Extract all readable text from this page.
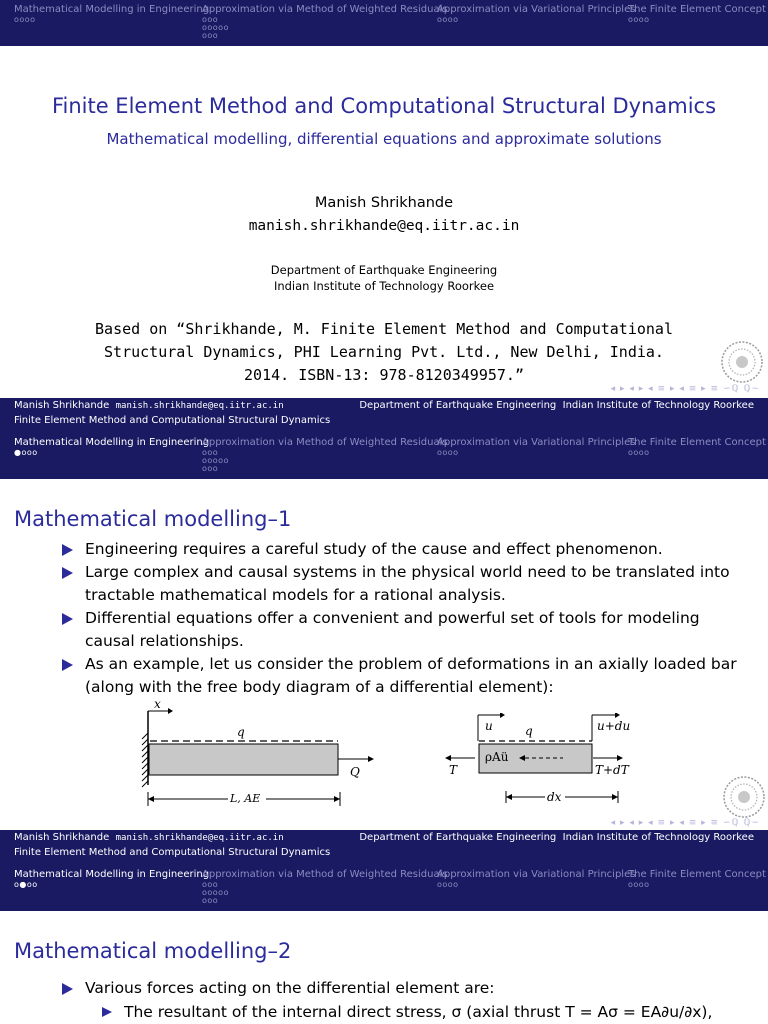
Mathematical Modelling in Engineering
oooo
Approximation via Method of Weighted Residuals
ooo
ooooo
ooo
Approximation via Variational Principles
oooo
The Finite Element Concept
oooo
Finite Element Method and Computational Structural Dynamics
Mathematical modelling, differential equations and approximate solutions
Manish Shrikhande
manish.shrikhande@eq.iitr.ac.in
Department of Earthquake Engineering
Indian Institute of Technology Roorkee
Based on “Shrikhande, M. Finite Element Method and Computational
Structural Dynamics, PHI Learning Pvt. Ltd., New Delhi, India.
2014. ISBN-13: 978-8120349957.”
◂ ▸ ◂ ▸ ◂ ≡ ▸ ◂ ≡ ▸ ≡ ∽ℚ ℚ∼
Manish Shrikhande manish.shrikhande@eq.iitr.ac.in	Department of Earthquake Engineering Indian Institute of Technology Roorkee
Finite Element Method and Computational Structural Dynamics
Mathematical Modelling in Engineering
●ooo
Approximation via Method of Weighted Residuals
ooo
ooooo
ooo
Approximation via Variational Principles
oooo
The Finite Element Concept
oooo
Mathematical modelling–1
Engineering requires a careful study of the cause and effect phenomenon.
Large complex and causal systems in the physical world need to be translated into tractable mathematical models for a rational analysis.
Differential equations offer a convenient and powerful set of tools for modeling causal relationships.
As an example, let us consider the problem of deformations in an axially loaded bar (along with the free body diagram of a differential element):
x
q
Q
L, AE
u	u+du
q
ρAü
T	T+dT
dx
◂ ▸ ◂ ▸ ◂ ≡ ▸ ◂ ≡ ▸ ≡ ∽ℚ ℚ∼
Manish Shrikhande manish.shrikhande@eq.iitr.ac.in	Department of Earthquake Engineering Indian Institute of Technology Roorkee
Finite Element Method and Computational Structural Dynamics
Mathematical Modelling in Engineering
o●oo
Approximation via Method of Weighted Residuals
ooo
ooooo
ooo
Approximation via Variational Principles
oooo
The Finite Element Concept
oooo
Mathematical modelling–2
Various forces acting on the differential element are:
The resultant of the internal direct stress, σ (axial thrust T = Aσ = EA∂u/∂x),
